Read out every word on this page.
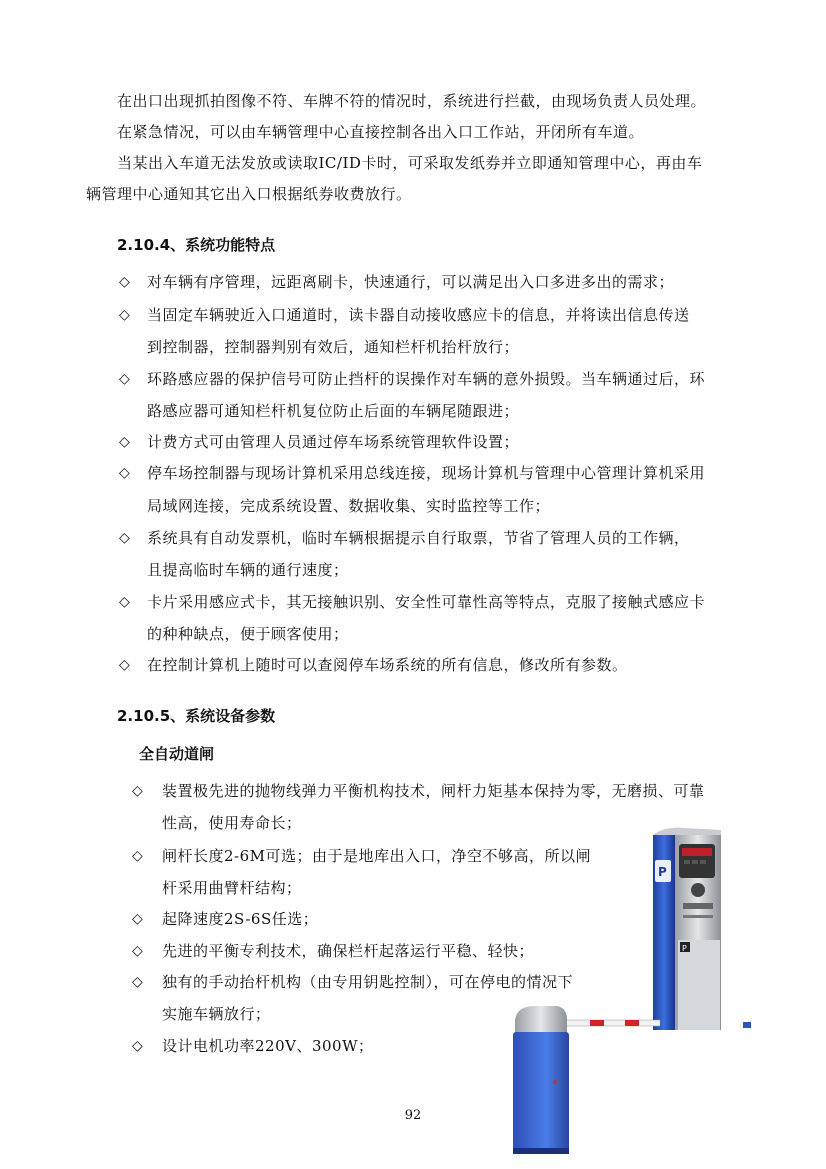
在出口出现抓拍图像不符、车牌不符的情况时，系统进行拦截，由现场负责人员处理。
在紧急情况，可以由车辆管理中心直接控制各出入口工作站，开闭所有车道。
当某出入车道无法发放或读取IC/ID卡时，可采取发纸券并立即通知管理中心，再由车
辆管理中心通知其它出入口根据纸券收费放行。
2.10.4、系统功能特点
◇ 对车辆有序管理，远距离刷卡，快速通行，可以满足出入口多进多出的需求；
◇ 当固定车辆驶近入口通道时，读卡器自动接收感应卡的信息，并将读出信息传送
到控制器，控制器判别有效后，通知栏杆机抬杆放行；
◇ 环路感应器的保护信号可防止挡杆的误操作对车辆的意外损毁。当车辆通过后，环
路感应器可通知栏杆机复位防止后面的车辆尾随跟进；
◇ 计费方式可由管理人员通过停车场系统管理软件设置；
◇ 停车场控制器与现场计算机采用总线连接，现场计算机与管理中心管理计算机采用
局域网连接，完成系统设置、数据收集、实时监控等工作；
◇ 系统具有自动发票机，临时车辆根据提示自行取票，节省了管理人员的工作辆，
且提高临时车辆的通行速度；
◇ 卡片采用感应式卡，其无接触识别、安全性可靠性高等特点，克服了接触式感应卡
的种种缺点，便于顾客使用；
◇ 在控制计算机上随时可以查阅停车场系统的所有信息，修改所有参数。
2.10.5、系统设备参数
全自动道闸
◇ 装置极先进的抛物线弹力平衡机构技术，闸杆力矩基本保持为零，无磨损、可靠
性高，使用寿命长；
◇ 闸杆长度2-6M可选；由于是地库出入口，净空不够高，所以闸
杆采用曲臂杆结构；
◇ 起降速度2S-6S任选；
◇ 先进的平衡专利技术，确保栏杆起落运行平稳、轻快；
◇ 独有的手动抬杆机构（由专用钥匙控制），可在停电的情况下
实施车辆放行；
◇ 设计电机功率220V、300W；
P
P
92
